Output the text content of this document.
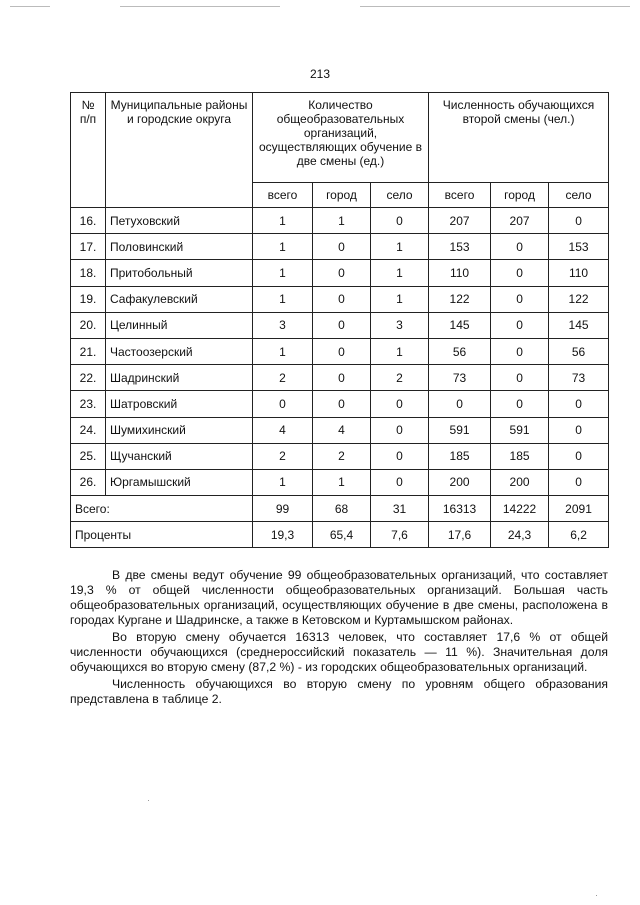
213
№
п/п	Муниципальные районы и городские округа	Количество общеобразовательных организаций, осуществляющих обучение в две смены (ед.)			Численность обучающихся второй смены (чел.)		
		всего	город	село	всего	город	село
16.	Петуховский	1	1	0	207	207	0
17.	Половинский	1	0	1	153	0	153
18.	Притобольный	1	0	1	110	0	110
19.	Сафакулевский	1	0	1	122	0	122
20.	Целинный	3	0	3	145	0	145
21.	Частоозерский	1	0	1	56	0	56
22.	Шадринский	2	0	2	73	0	73
23.	Шатровский	0	0	0	0	0	0
24.	Шумихинский	4	4	0	591	591	0
25.	Щучанский	2	2	0	185	185	0
26.	Юргамышский	1	1	0	200	200	0
Всего:		99	68	31	16313	14222	2091
Проценты		19,3	65,4	7,6	17,6	24,3	6,2

В две смены ведут обучение 99 общеобразовательных организаций, что составляет 19,3 % от общей численности общеобразовательных организаций. Большая часть общеобразовательных организаций, осуществляющих обучение в две смены, расположена в городах Кургане и Шадринске, а также в Кетовском и Куртамышском районах.

Во вторую смену обучается 16313 человек, что составляет 17,6 % от общей численности обучающихся (среднероссийский показатель — 11 %). Значительная доля обучающихся во вторую смену (87,2 %) - из городских общеобразовательных организаций.

Численность обучающихся во вторую смену по уровням общего образования представлена в таблице 2.
